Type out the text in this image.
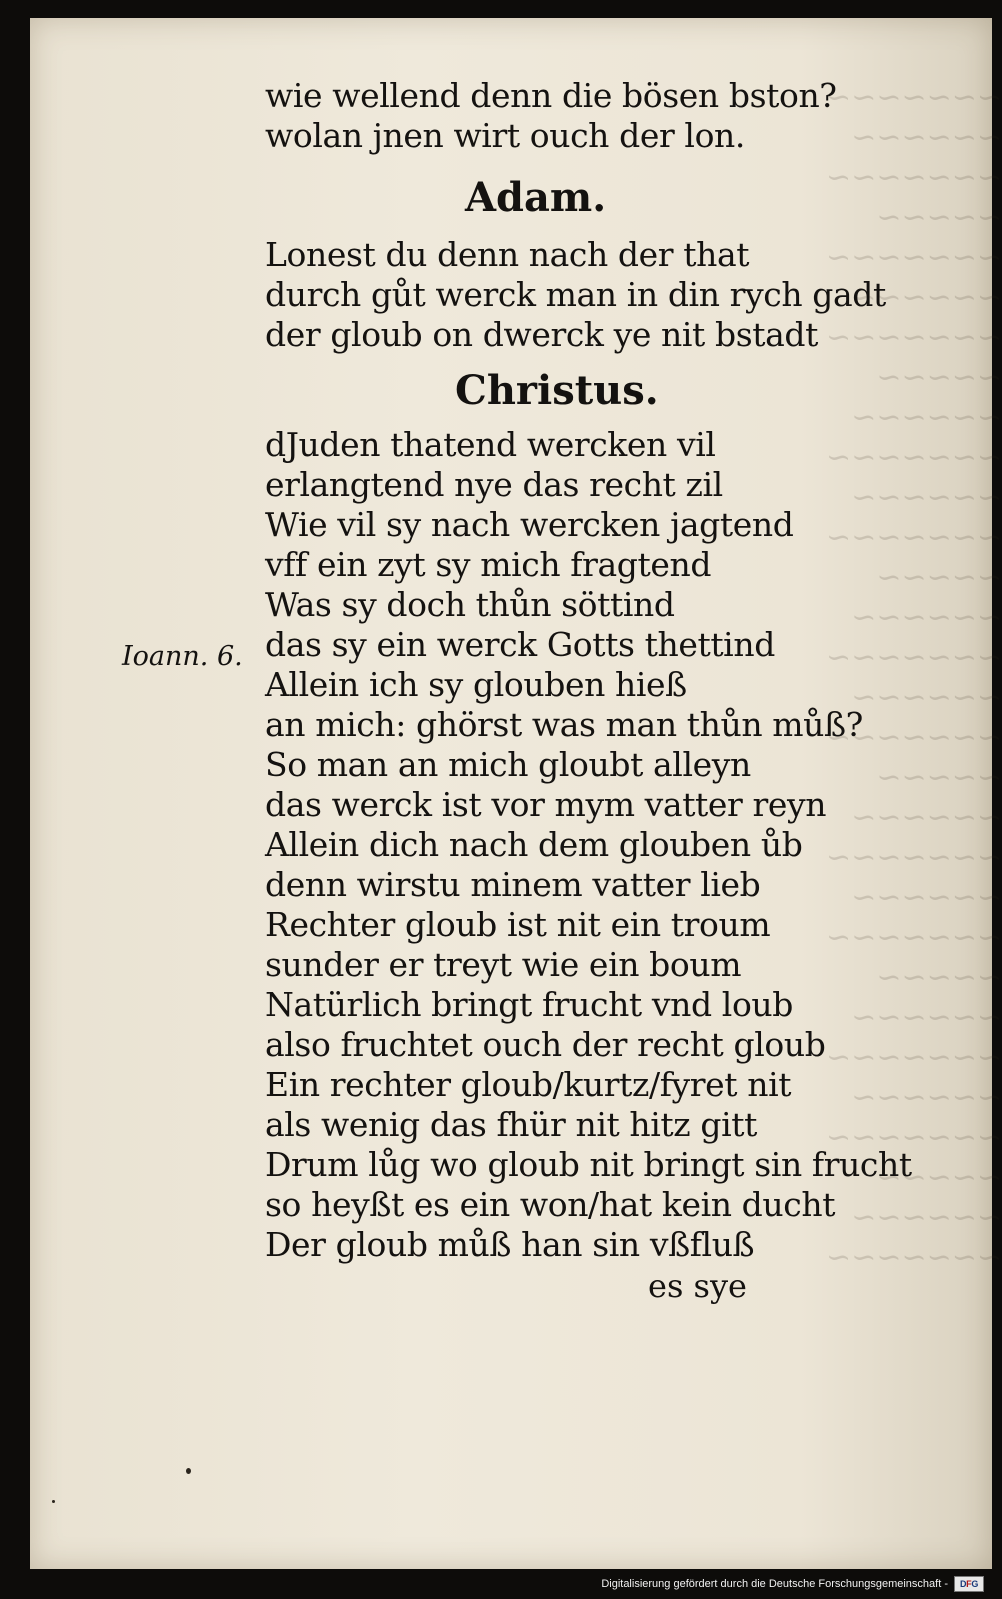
~~~~~~~
~~~~~~
~~~~~~~
~~~~~
~~~~~~~
~~~~~~
~~~~~~~
~~~~~
~~~~~~
~~~~~~~
~~~~~~
~~~~~~~
~~~~~
~~~~~~
~~~~~~~
~~~~~~
~~~~~~~
~~~~~
~~~~~~
~~~~~~~
~~~~~~
~~~~~~~
~~~~~
~~~~~~
~~~~~~~
~~~~~~
~~~~~~~
~~~~~
~~~~~~
~~~~~~~
wie wellend denn die bösen bston?
wolan jnen wirt ouch der lon.
Adam.
Lonest du denn nach der that
durch gůt werck man in din rych gadt
der gloub on dwerck ye nit bstadt
Christus.
dJuden thatend wercken vil
erlangtend nye das recht zil
Wie vil sy nach wercken jagtend
vff ein zyt sy mich fragtend
Was sy doch thůn söttind
das sy ein werck Gotts thettind
Allein ich sy glouben hieß
an mich: ghörst was man thůn můß?
So man an mich gloubt alleyn
das werck ist vor mym vatter reyn
Allein dich nach dem glouben ůb
denn wirstu minem vatter lieb
Rechter gloub ist nit ein troum
sunder er treyt wie ein boum
Natürlich bringt frucht vnd loub
also fruchtet ouch der recht gloub
Ein rechter gloub/kurtz/fyret nit
als wenig das fhür nit hitz gitt
Drum lůg wo gloub nit bringt sin frucht
so heyßt es ein won/hat kein ducht
Der gloub můß han sin vßfluß
Ioann. 6.
es sye
Digitalisierung gefördert durch die Deutsche Forschungsgemeinschaft -	DFG
